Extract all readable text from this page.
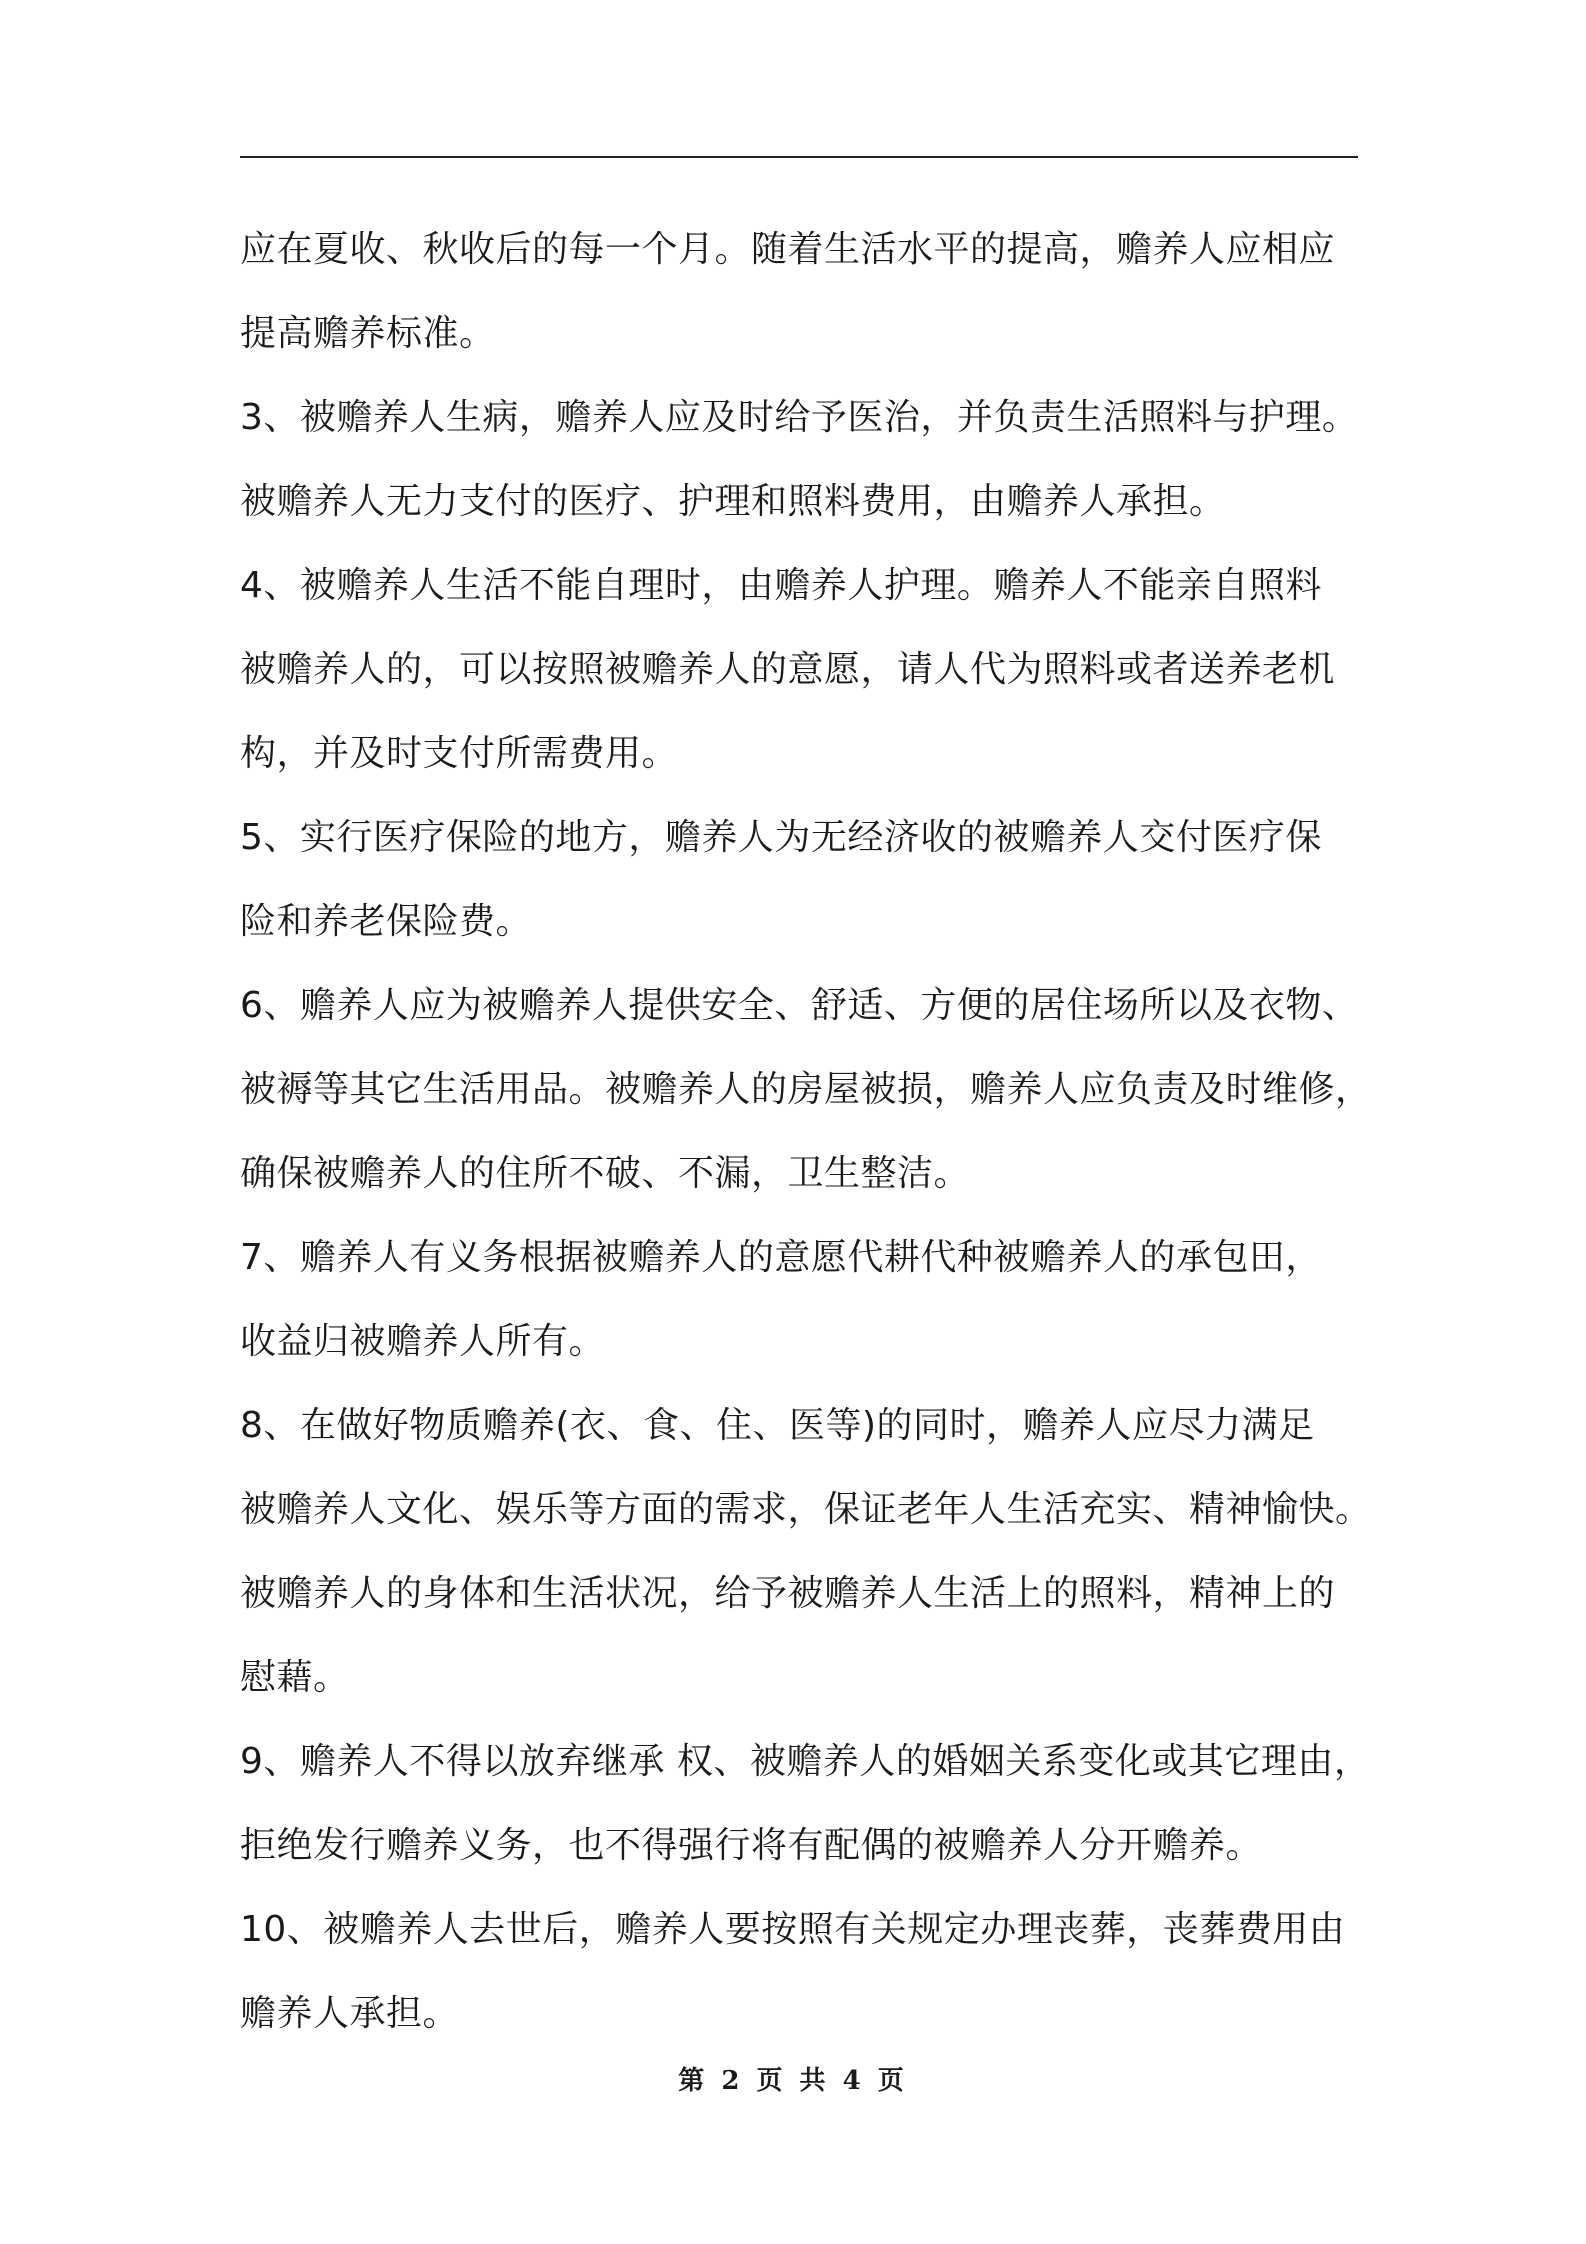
应在夏收、秋收后的每一个月。随着生活水平的提高，赡养人应相应
提高赡养标准。
3、被赡养人生病，赡养人应及时给予医治，并负责生活照料与护理。
被赡养人无力支付的医疗、护理和照料费用，由赡养人承担。
4、被赡养人生活不能自理时，由赡养人护理。赡养人不能亲自照料
被赡养人的，可以按照被赡养人的意愿，请人代为照料或者送养老机
构，并及时支付所需费用。
5、实行医疗保险的地方，赡养人为无经济收的被赡养人交付医疗保
险和养老保险费。
6、赡养人应为被赡养人提供安全、舒适、方便的居住场所以及衣物、
被褥等其它生活用品。被赡养人的房屋被损，赡养人应负责及时维修，
确保被赡养人的住所不破、不漏，卫生整洁。
7、赡养人有义务根据被赡养人的意愿代耕代种被赡养人的承包田，
收益归被赡养人所有。
8、在做好物质赡养(衣、食、住、医等)的同时，赡养人应尽力满足
被赡养人文化、娱乐等方面的需求，保证老年人生活充实、精神愉快。
被赡养人的身体和生活状况，给予被赡养人生活上的照料，精神上的
慰藉。
9、赡养人不得以放弃继承 权、被赡养人的婚姻关系变化或其它理由，
拒绝发行赡养义务，也不得强行将有配偶的被赡养人分开赡养。
10、被赡养人去世后，赡养人要按照有关规定办理丧葬，丧葬费用由
赡养人承担。
第 2 页 共 4 页
